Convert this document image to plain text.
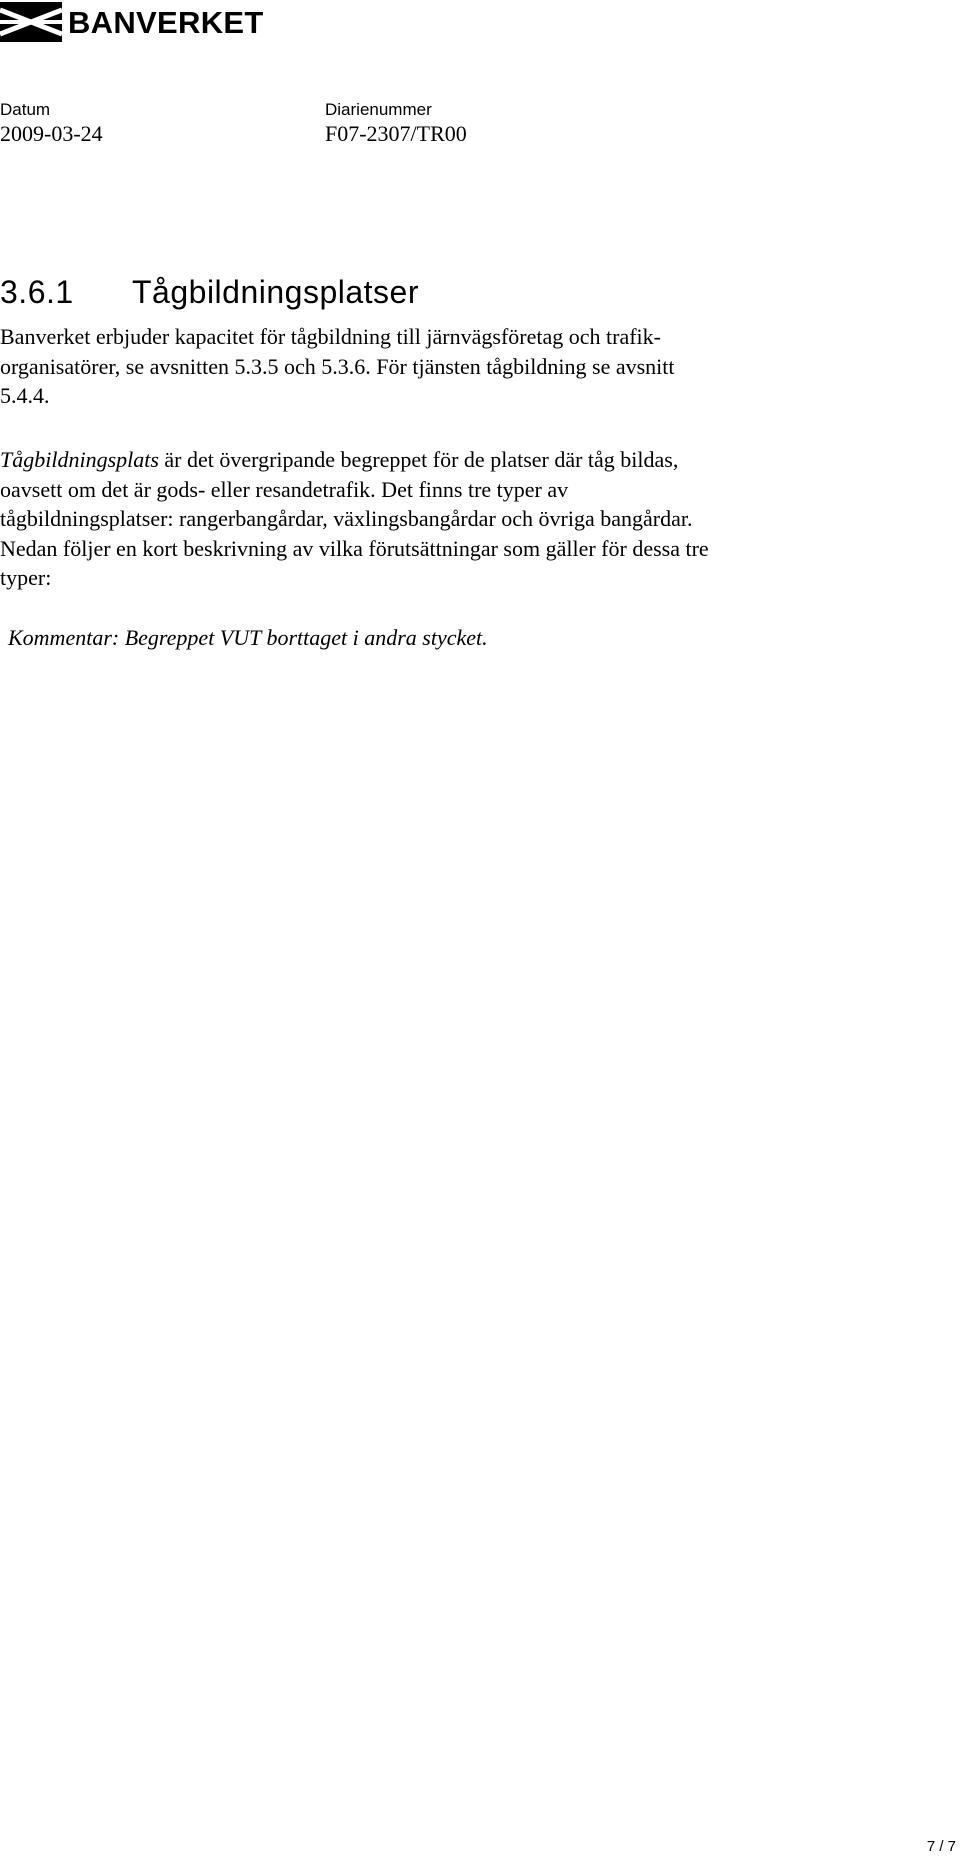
BANVERKET
Datum
2009-03-24
Diarienummer
F07-2307/TR00
3.6.1 Tågbildningsplatser

Banverket erbjuder kapacitet för tågbildning till järnvägsföretag och trafik-
organisatörer, se avsnitten 5.3.5 och 5.3.6. För tjänsten tågbildning se avsnitt
5.4.4.

Tågbildningsplats är det övergripande begreppet för de platser där tåg bildas,
oavsett om det är gods- eller resandetrafik. Det finns tre typer av
tågbildningsplatser: rangerbangårdar, växlingsbangårdar och övriga bangårdar.
Nedan följer en kort beskrivning av vilka förutsättningar som gäller för dessa tre
typer:

Kommentar: Begreppet VUT borttaget i andra stycket.

7 / 7
